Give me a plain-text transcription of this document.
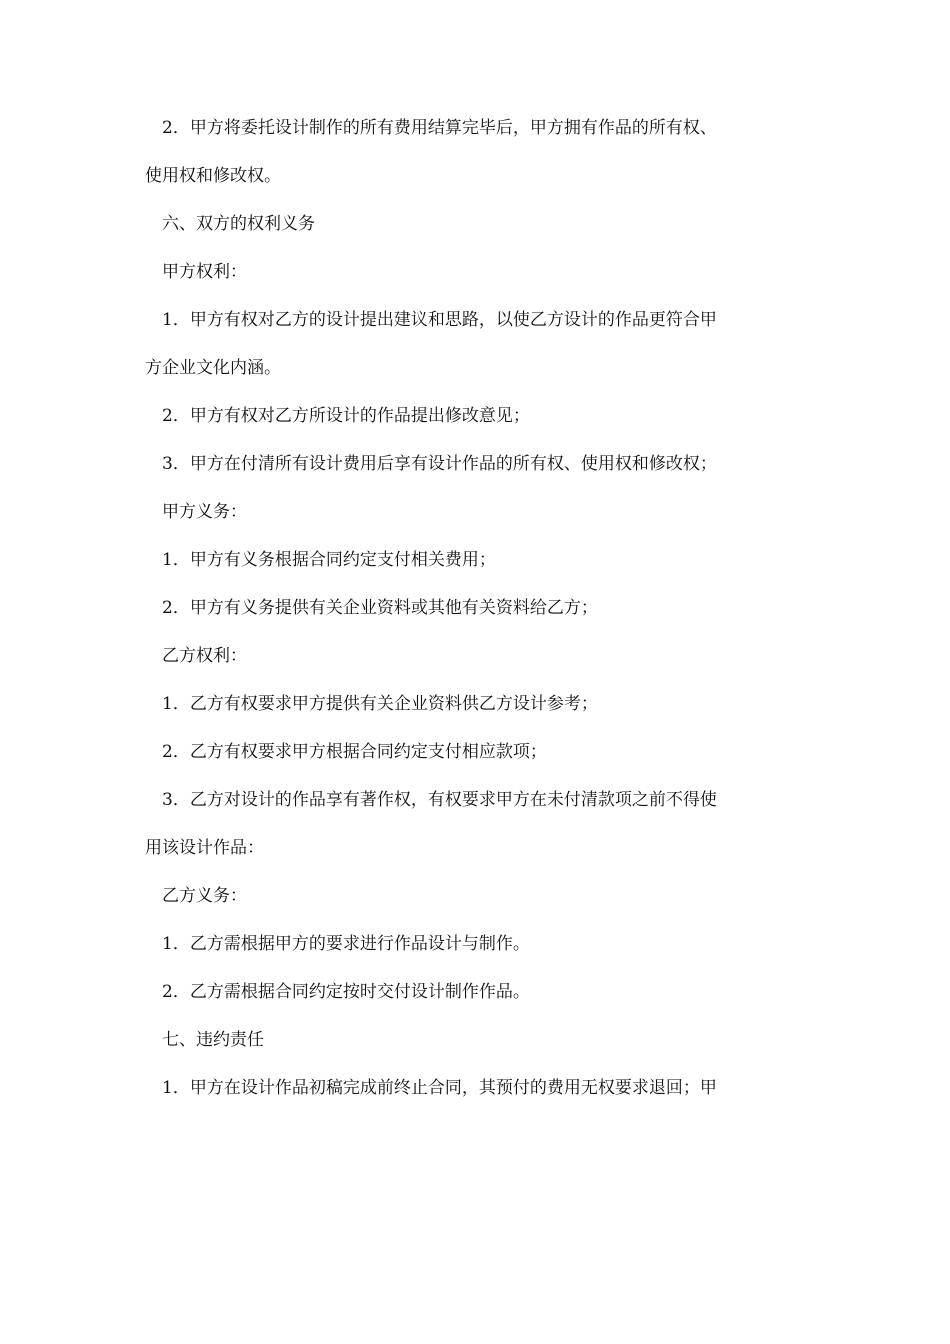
　2．甲方将委托设计制作的所有费用结算完毕后，甲方拥有作品的所有权、
使用权和修改权。
　六、双方的权利义务
　甲方权利：
　1．甲方有权对乙方的设计提出建议和思路，以使乙方设计的作品更符合甲
方企业文化内涵。
　2．甲方有权对乙方所设计的作品提出修改意见；
　3．甲方在付清所有设计费用后享有设计作品的所有权、使用权和修改权；
　甲方义务：
　1．甲方有义务根据合同约定支付相关费用；
　2．甲方有义务提供有关企业资料或其他有关资料给乙方；
　乙方权利：
　1．乙方有权要求甲方提供有关企业资料供乙方设计参考；
　2．乙方有权要求甲方根据合同约定支付相应款项；
　3．乙方对设计的作品享有著作权，有权要求甲方在未付清款项之前不得使
用该设计作品：
　乙方义务：
　1．乙方需根据甲方的要求进行作品设计与制作。
　2．乙方需根据合同约定按时交付设计制作作品。
　七、违约责任
　1．甲方在设计作品初稿完成前终止合同，其预付的费用无权要求退回；甲
